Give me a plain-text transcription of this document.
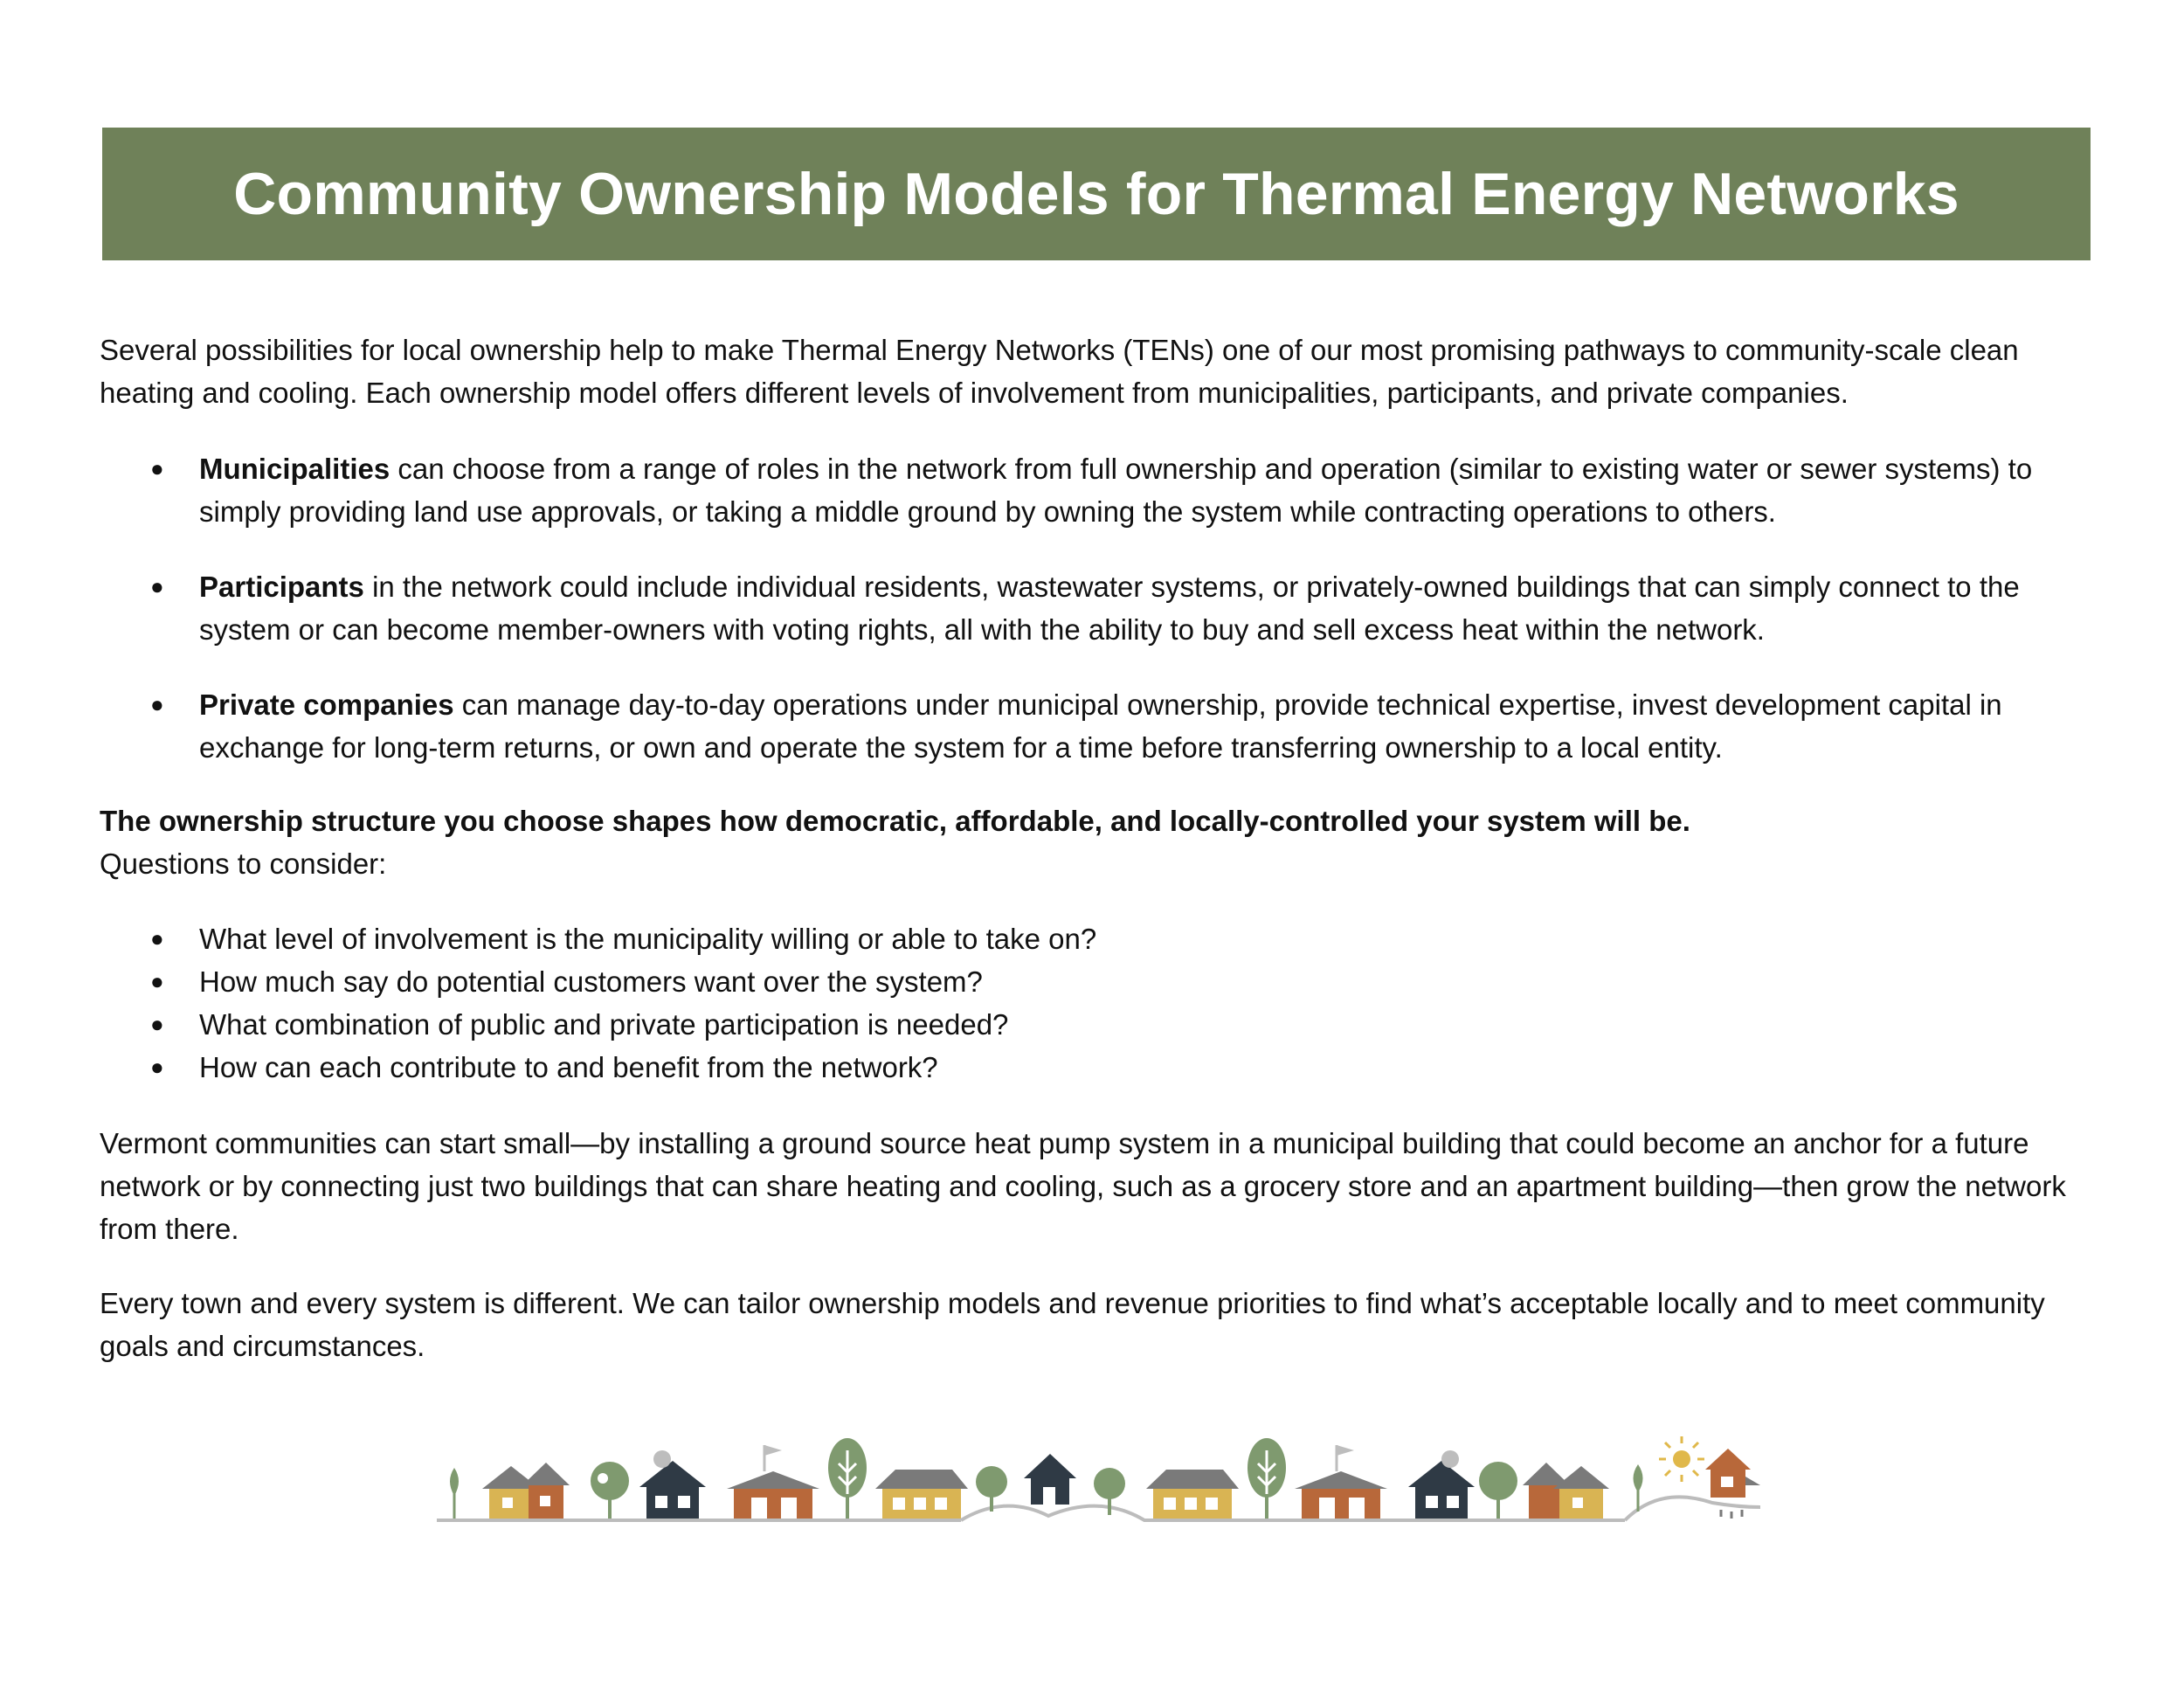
Community Ownership Models for Thermal Energy Networks

Several possibilities for local ownership help to make Thermal Energy Networks (TENs) one of our most promising pathways to community-scale clean heating and cooling. Each ownership model offers different levels of involvement from municipalities, participants, and private companies.

● Municipalities can choose from a range of roles in the network from full ownership and operation (similar to existing water or sewer systems) to simply providing land use approvals, or taking a middle ground by owning the system while contracting operations to others.
● Participants in the network could include individual residents, wastewater systems, or privately-owned buildings that can simply connect to the system or can become member-owners with voting rights, all with the ability to buy and sell excess heat within the network.
● Private companies can manage day-to-day operations under municipal ownership, provide technical expertise, invest development capital in exchange for long-term returns, or own and operate the system for a time before transferring ownership to a local entity.

The ownership structure you choose shapes how democratic, affordable, and locally-controlled your system will be.

Questions to consider:

● What level of involvement is the municipality willing or able to take on?
● How much say do potential customers want over the system?
● What combination of public and private participation is needed?
● How can each contribute to and benefit from the network?

Vermont communities can start small—by installing a ground source heat pump system in a municipal building that could become an anchor for a future network or by connecting just two buildings that can share heating and cooling, such as a grocery store and an apartment building—then grow the network from there.

Every town and every system is different. We can tailor ownership models and revenue priorities to find what’s acceptable locally and to meet community goals and circumstances.
